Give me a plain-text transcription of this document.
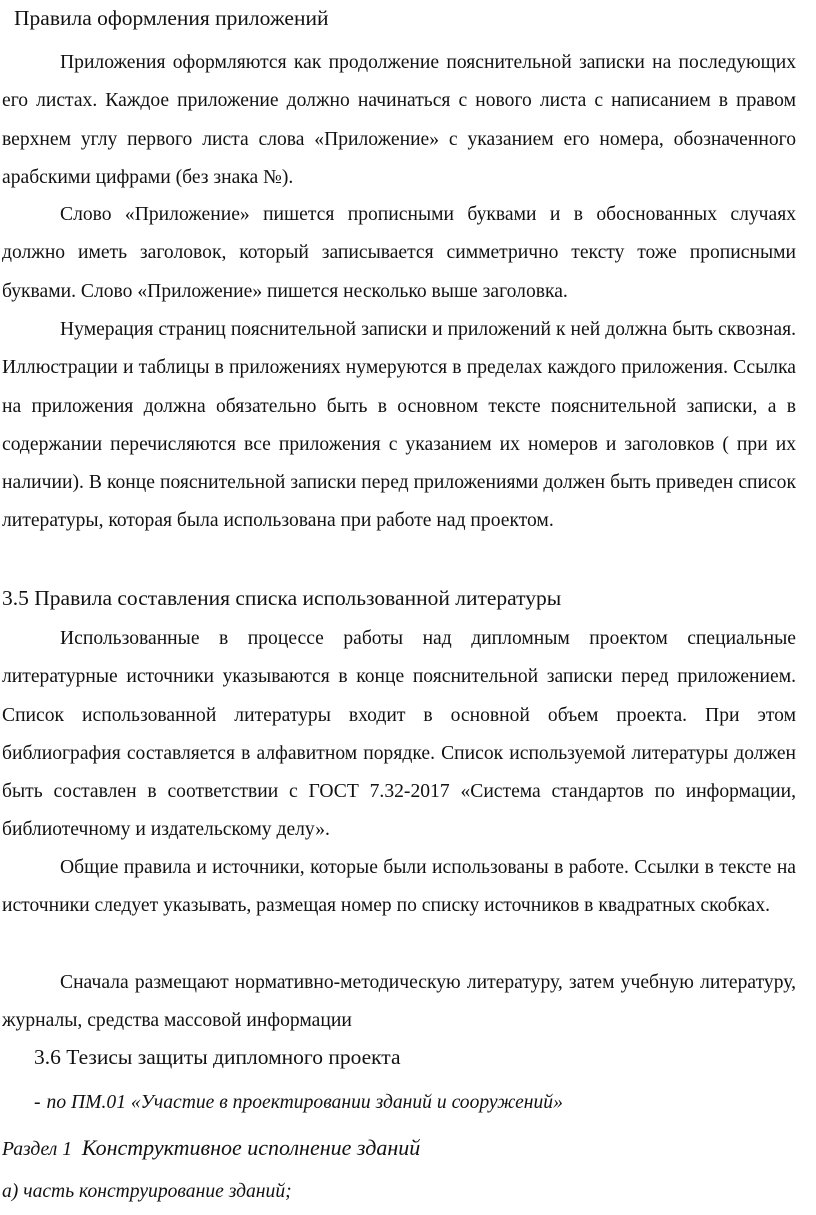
Правила оформления приложений

Приложения оформляются как продолжение пояснительной записки на последующих его листах. Каждое приложение должно начинаться с нового листа с написанием в правом верхнем углу первого листа слова «Приложение» с указанием его номера, обозначенного арабскими цифрами (без знака №).

Слово «Приложение» пишется прописными буквами и в обоснованных случаях должно иметь заголовок, который записывается симметрично тексту тоже прописными буквами. Слово «Приложение» пишется несколько выше заголовка.

Нумерация страниц пояснительной записки и приложений к ней должна быть сквозная. Иллюстрации и таблицы в приложениях нумеруются в пределах каждого приложения. Ссылка на приложения должна обязательно быть в основном тексте пояснительной записки, а в содержании перечисляются все приложения с указанием их номеров и заголовков ( при их наличии). В конце пояснительной записки перед приложениями должен быть приведен список литературы, которая была использована при работе над проектом.

3.5 Правила составления списка использованной литературы

Использованные в процессе работы над дипломным проектом специальные литературные источники указываются в конце пояснительной записки перед приложением. Список использованной литературы входит в основной объем проекта. При этом библиография составляется в алфавитном порядке. Список используемой литературы должен быть составлен в соответствии с ГОСТ 7.32-2017 «Система стандартов по информации, библиотечному и издательскому делу».

Общие правила и источники, которые были использованы в работе. Ссылки в тексте на источники следует указывать, размещая номер по списку источников в квадратных скобках.

Сначала размещают нормативно-методическую литературу, затем учебную литературу, журналы, средства массовой информации

3.6 Тезисы защиты дипломного проекта
- по ПМ.01 «Участие в проектировании зданий и сооружений»
Раздел 1 Конструктивное исполнение зданий
а) часть конструирование зданий;
